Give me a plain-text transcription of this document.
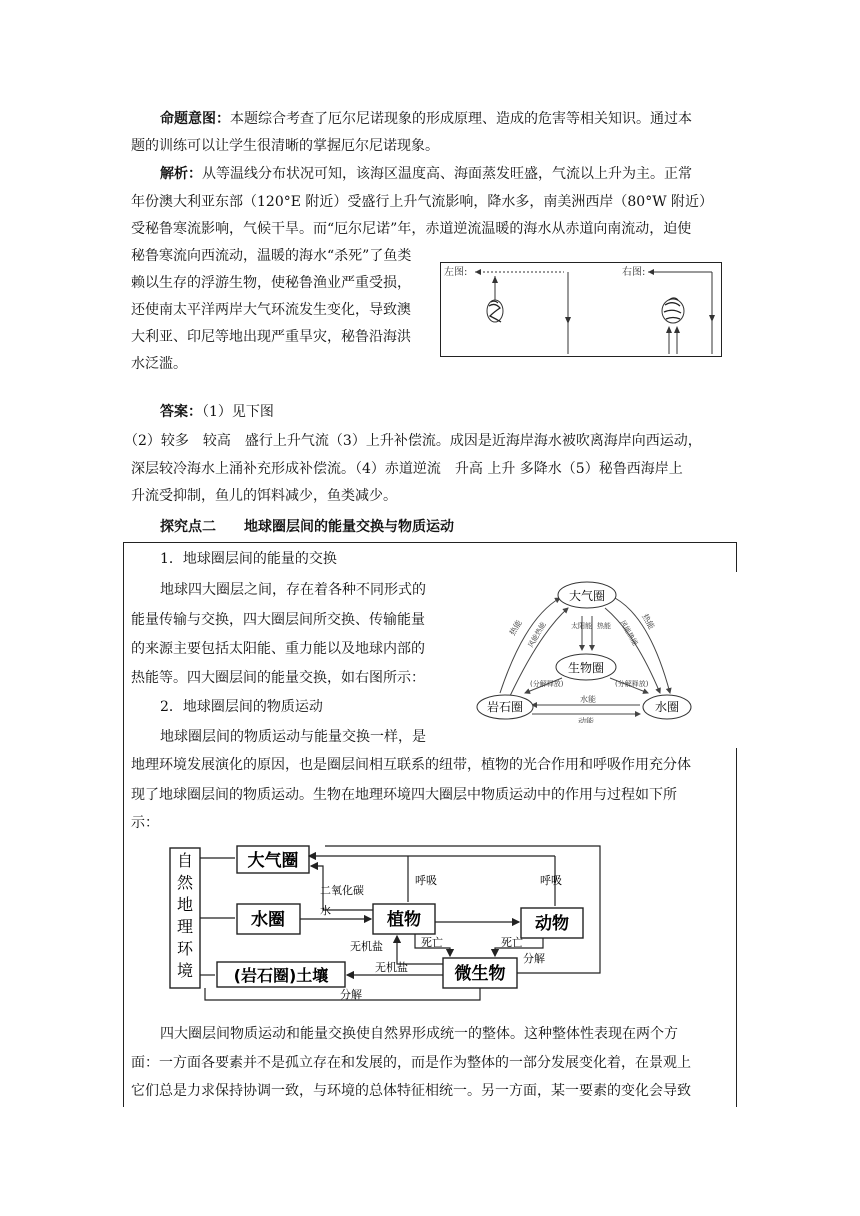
命题意图：本题综合考查了厄尔尼诺现象的形成原理、造成的危害等相关知识。通过本

题的训练可以让学生很清晰的掌握厄尔尼诺现象。

解析：从等温线分布状况可知，该海区温度高、海面蒸发旺盛，气流以上升为主。正常

年份澳大利亚东部（120°E 附近）受盛行上升气流影响，降水多，南美洲西岸（80°W 附近）

受秘鲁寒流影响，气候干旱。而“厄尔尼诺”年，赤道逆流温暖的海水从赤道向南流动，迫使

秘鲁寒流向西流动，温暖的海水“杀死”了鱼类

赖以生存的浮游生物，使秘鲁渔业严重受损，

还使南太平洋两岸大气环流发生变化，导致澳

大利亚、印尼等地出现严重旱灾，秘鲁沿海洪

水泛滥。

左图:	右图:

答案：（1）见下图

（2）较多　较高　盛行上升气流（3）上升补偿流。成因是近海岸海水被吹离海岸向西运动，

深层较冷海水上涌补充形成补偿流。（4）赤道逆流　升高 上升 多降水（5）秘鲁西海岸上

升流受抑制，鱼儿的饵料减少，鱼类减少。

探究点二　　地球圈层间的能量交换与物质运动

1．地球圈层间的能量的交换

地球四大圈层之间，存在着各种不同形式的

能量传输与交换，四大圈层间所交换、传输能量

的来源主要包括太阳能、重力能以及地球内部的

热能等。四大圈层间的能量交换，如右图所示：

2．地球圈层间的物质运动

地球圈层间的物质运动与能量交换一样，是

地理环境发展演化的原因，也是圈层间相互联系的纽带，植物的光合作用和呼吸作用充分体

现了地球圈层间的物质运动。生物在地理环境四大圈层中物质运动中的作用与过程如下所

示：

大气圈
生物圈
岩石圈	水圈
热能 风能热能	太阳能 热能 风能热能 热能
(分解释放)	(分解释放)
水能
动能
自
然
地
理
环
境
大气圈
水圈	植物	动物
微生物
(岩石圈)土壤
二氧化碳
水
呼吸	呼吸
死亡	死亡
无机盐
无机盐
分解
分解

四大圈层间物质运动和能量交换使自然界形成统一的整体。这种整体性表现在两个方

面：一方面各要素并不是孤立存在和发展的，而是作为整体的一部分发展变化着，在景观上

它们总是力求保持协调一致，与环境的总体特征相统一。另一方面，某一要素的变化会导致
